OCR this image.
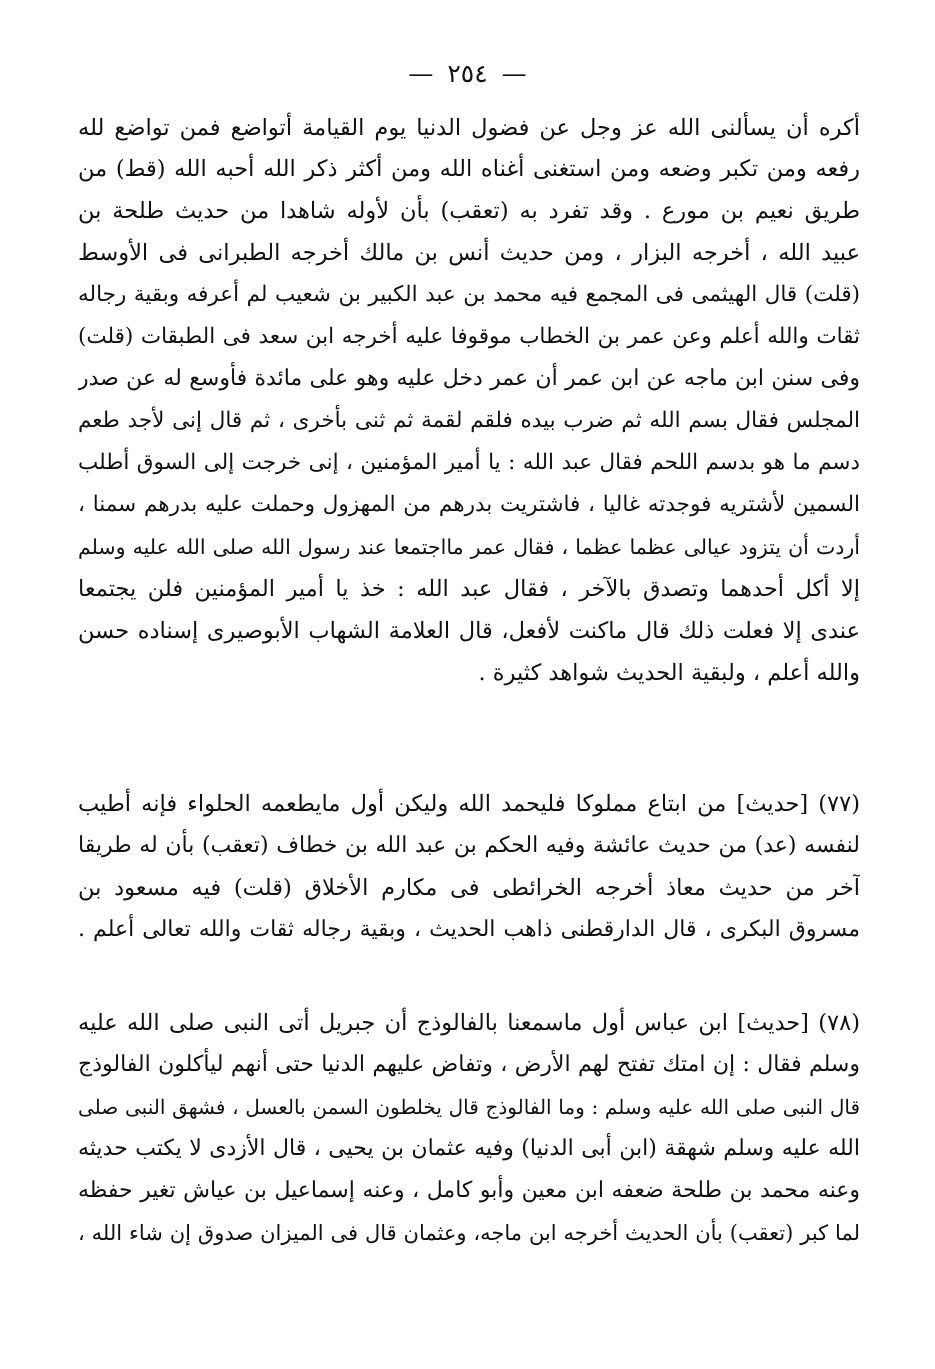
— ٢٥٤ —
أكره أن يسألنى الله عز وجل عن فضول الدنيا يوم القيامة أتواضع فمن تواضع لله
رفعه ومن تكبر وضعه ومن استغنى أغناه الله ومن أكثر ذكر الله أحبه الله (قط) من
طريق نعيم بن مورع . وقد تفرد به (تعقب) بأن لأوله شاهدا من حديث طلحة بن
عبيد الله ، أخرجه البزار ، ومن حديث أنس بن مالك أخرجه الطبرانى فى الأوسط
(قلت) قال الهيثمى فى المجمع فيه محمد بن عبد الكبير بن شعيب لم أعرفه وبقية رجاله
ثقات والله أعلم وعن عمر بن الخطاب موقوفا عليه أخرجه ابن سعد فى الطبقات (قلت)
وفى سنن ابن ماجه عن ابن عمر أن عمر دخل عليه وهو على مائدة فأوسع له عن صدر
المجلس فقال بسم الله ثم ضرب بيده فلقم لقمة ثم ثنى بأخرى ، ثم قال إنى لأجد طعم
دسم ما هو بدسم اللحم فقال عبد الله : يا أمير المؤمنين ، إنى خرجت إلى السوق أطلب
السمين لأشتريه فوجدته غاليا ، فاشتريت بدرهم من المهزول وحملت عليه بدرهم سمنا ،
أردت أن يتزود عيالى عظما عظما ، فقال عمر مااجتمعا عند رسول الله صلى الله عليه وسلم
إلا أكل أحدهما وتصدق بالآخر ، فقال عبد الله : خذ يا أمير المؤمنين فلن يجتمعا
عندى إلا فعلت ذلك قال ماكنت لأفعل، قال العلامة الشهاب الأبوصيرى إسناده حسن
والله أعلم ، ولبقية الحديث شواهد كثيرة .
(٧٧) [حديث] من ابتاع مملوكا فليحمد الله وليكن أول مايطعمه الحلواء فإنه أطيب
لنفسه (عد) من حديث عائشة وفيه الحكم بن عبد الله بن خطاف (تعقب) بأن له طريقا
آخر من حديث معاذ أخرجه الخرائطى فى مكارم الأخلاق (قلت) فيه مسعود بن
مسروق البكرى ، قال الدارقطنى ذاهب الحديث ، وبقية رجاله ثقات والله تعالى أعلم .
(٧٨) [حديث] ابن عباس أول ماسمعنا بالفالوذج أن جبريل أتى النبى صلى الله عليه
وسلم فقال : إن امتك تفتح لهم الأرض ، وتفاض عليهم الدنيا حتى أنهم ليأكلون الفالوذج
قال النبى صلى الله عليه وسلم : وما الفالوذج قال يخلطون السمن بالعسل ، فشهق النبى صلى
الله عليه وسلم شهقة (ابن أبى الدنيا) وفيه عثمان بن يحيى ، قال الأزدى لا يكتب حديثه
وعنه محمد بن طلحة ضعفه ابن معين وأبو كامل ، وعنه إسماعيل بن عياش تغير حفظه
لما كبر (تعقب) بأن الحديث أخرجه ابن ماجه، وعثمان قال فى الميزان صدوق إن شاء الله ،
